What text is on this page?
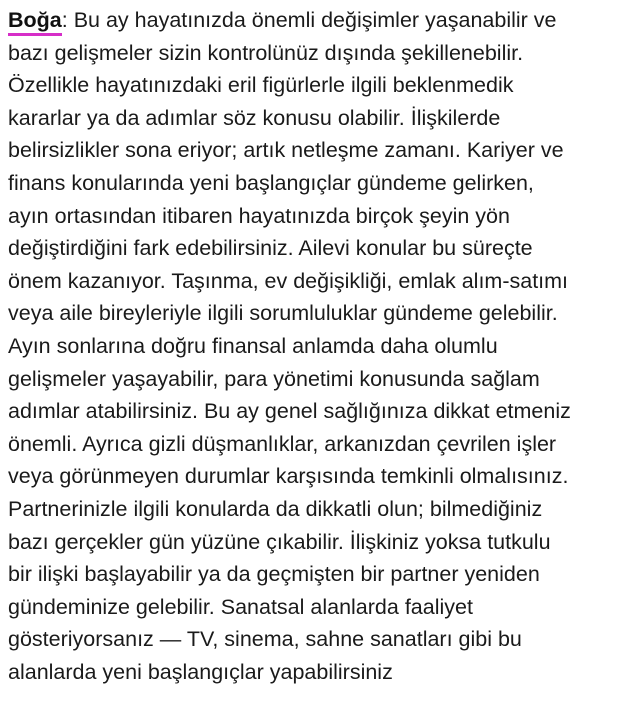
Boğa: Bu ay hayatınızda önemli değişimler yaşanabilir ve
bazı gelişmeler sizin kontrolünüz dışında şekillenebilir.
Özellikle hayatınızdaki eril figürlerle ilgili beklenmedik
kararlar ya da adımlar söz konusu olabilir. İlişkilerde
belirsizlikler sona eriyor; artık netleşme zamanı. Kariyer ve
finans konularında yeni başlangıçlar gündeme gelirken,
ayın ortasından itibaren hayatınızda birçok şeyin yön
değiştirdiğini fark edebilirsiniz. Ailevi konular bu süreçte
önem kazanıyor. Taşınma, ev değişikliği, emlak alım-satımı
veya aile bireyleriyle ilgili sorumluluklar gündeme gelebilir.
Ayın sonlarına doğru finansal anlamda daha olumlu
gelişmeler yaşayabilir, para yönetimi konusunda sağlam
adımlar atabilirsiniz. Bu ay genel sağlığınıza dikkat etmeniz
önemli. Ayrıca gizli düşmanlıklar, arkanızdan çevrilen işler
veya görünmeyen durumlar karşısında temkinli olmalısınız.
Partnerinizle ilgili konularda da dikkatli olun; bilmediğiniz
bazı gerçekler gün yüzüne çıkabilir. İlişkiniz yoksa tutkulu
bir ilişki başlayabilir ya da geçmişten bir partner yeniden
gündeminize gelebilir. Sanatsal alanlarda faaliyet
gösteriyorsanız — TV, sinema, sahne sanatları gibi bu
alanlarda yeni başlangıçlar yapabilirsiniz
